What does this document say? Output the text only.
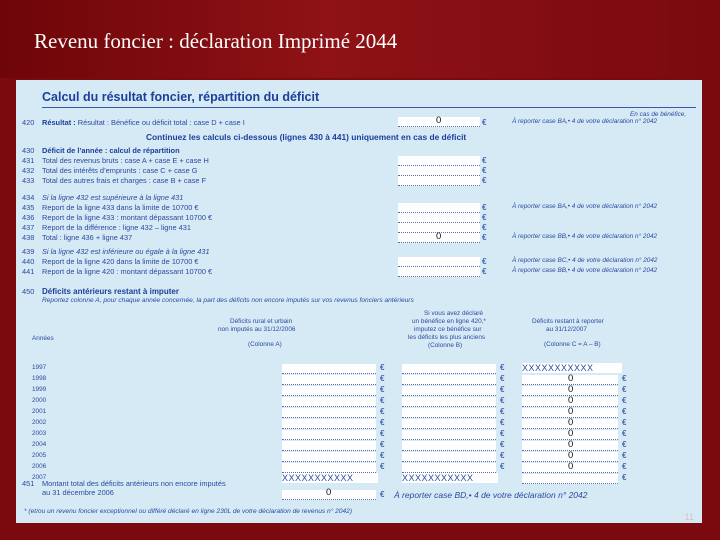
Revenu foncier : déclaration Imprimé 2044
Calcul du résultat foncier, répartition du déficit
En cas de bénéfice,
À reporter case BA,• 4 de votre déclaration n° 2042
420 Résultat : Résultat : Bénéfice ou déficit total : case D + case I	0	€
Continuez les calculs ci-dessous (lignes 430 à 441) uniquement en cas de déficit
430 Déficit de l’année : calcul de répartition
431 Total des revenus bruts : case A + case E + case H	€
432 Total des intérêts d’emprunts : case C + case G	€
433 Total des autres frais et charges : case B + case F	€
434 Si la ligne 432 est supérieure à la ligne 431
435 Report de la ligne 433 dans la limite de 10700 €	€	À reporter case BA,• 4 de votre déclaration n° 2042
436 Report de la ligne 433 : montant dépassant 10700 €	€
437 Report de la différence : ligne 432 – ligne 431	€
438 Total : ligne 436 + ligne 437	0	€	À reporter case BB,• 4 de votre déclaration n° 2042
439 Si la ligne 432 est inférieure ou égale à la ligne 431
440 Report de la ligne 420 dans la limite de 10700 €	€	À reporter case BC,• 4 de votre déclaration n° 2042
441 Report de la ligne 420 : montant dépassant 10700 €	€	À reporter case BB,• 4 de votre déclaration n° 2042
450 Déficits antérieurs restant à imputer
Reportez colonne A, pour chaque année concernée, la part des déficits non encore imputés sur vos revenus fonciers antérieurs
Déficits rural et urbain
non imputés au 31/12/2006
(Colonne A)
Si vous avez déclaré
un bénéfice en ligne 420,*
imputez ce bénéfice sur
les déficits les plus anciens
(Colonne B)
Déficits restant à reporter
au 31/12/2007
(Colonne C = A – B)
Années
1997	€	€ XXXXXXXXXXX
1998	€	€	0	€
1999	€	€	0	€
2000	€	€	0	€
2001	€	€	0	€
2002	€	€	0	€
2003	€	€	0	€
2004	€	€	0	€
2005	€	€	0	€
2006	€	€	0	€
2007	XXXXXXXXXXX	XXXXXXXXXXX	€
451 Montant total des déficits antérieurs non encore imputés
au 31 décembre 2006	0	€ À reporter case BD,• 4 de votre déclaration n° 2042
* (et/ou un revenu foncier exceptionnel ou différé déclaré en ligne 230L de votre déclaration de revenus n° 2042)
11
